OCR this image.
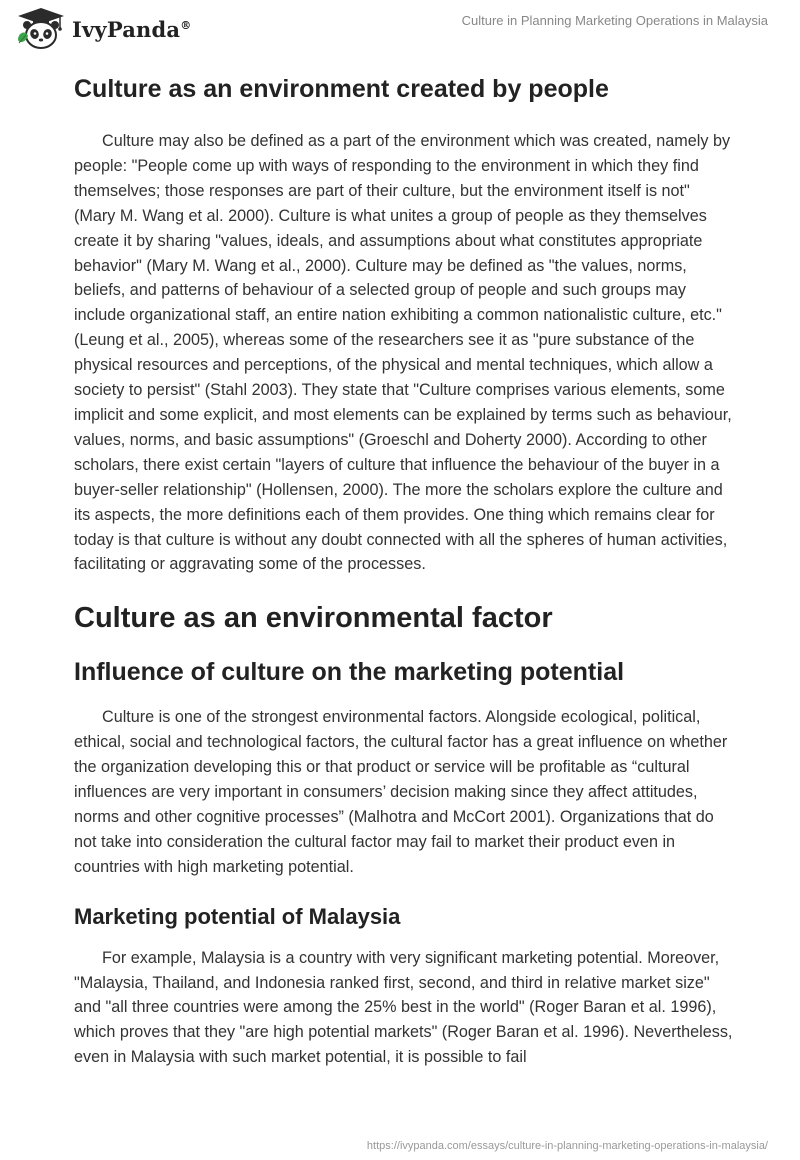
IvyPanda®	Culture in Planning Marketing Operations in Malaysia
Culture as an environment created by people

Culture may also be defined as a part of the environment which was created, namely by people: "People come up with ways of responding to the environment in which they find themselves; those responses are part of their culture, but the environment itself is not" (Mary M. Wang et al. 2000). Culture is what unites a group of people as they themselves create it by sharing "values, ideals, and assumptions about what constitutes appropriate behavior" (Mary M. Wang et al., 2000). Culture may be defined as "the values, norms, beliefs, and patterns of behaviour of a selected group of people and such groups may include organizational staff, an entire nation exhibiting a common nationalistic culture, etc." (Leung et al., 2005), whereas some of the researchers see it as "pure substance of the physical resources and perceptions, of the physical and mental techniques, which allow a society to persist" (Stahl 2003). They state that "Culture comprises various elements, some implicit and some explicit, and most elements can be explained by terms such as behaviour, values, norms, and basic assumptions" (Groeschl and Doherty 2000). According to other scholars, there exist certain "layers of culture that influence the behaviour of the buyer in a buyer-seller relationship" (Hollensen, 2000). The more the scholars explore the culture and its aspects, the more definitions each of them provides. One thing which remains clear for today is that culture is without any doubt connected with all the spheres of human activities, facilitating or aggravating some of the processes.

Culture as an environmental factor
Influence of culture on the marketing potential

Culture is one of the strongest environmental factors. Alongside ecological, political, ethical, social and technological factors, the cultural factor has a great influence on whether the organization developing this or that product or service will be profitable as “cultural influences are very important in consumers’ decision making since they affect attitudes, norms and other cognitive processes” (Malhotra and McCort 2001). Organizations that do not take into consideration the cultural factor may fail to market their product even in countries with high marketing potential.

Marketing potential of Malaysia

For example, Malaysia is a country with very significant marketing potential. Moreover, "Malaysia, Thailand, and Indonesia ranked first, second, and third in relative market size" and "all three countries were among the 25% best in the world" (Roger Baran et al. 1996), which proves that they "are high potential markets" (Roger Baran et al. 1996). Nevertheless, even in Malaysia with such market potential, it is possible to fail

https://ivypanda.com/essays/culture-in-planning-marketing-operations-in-malaysia/
